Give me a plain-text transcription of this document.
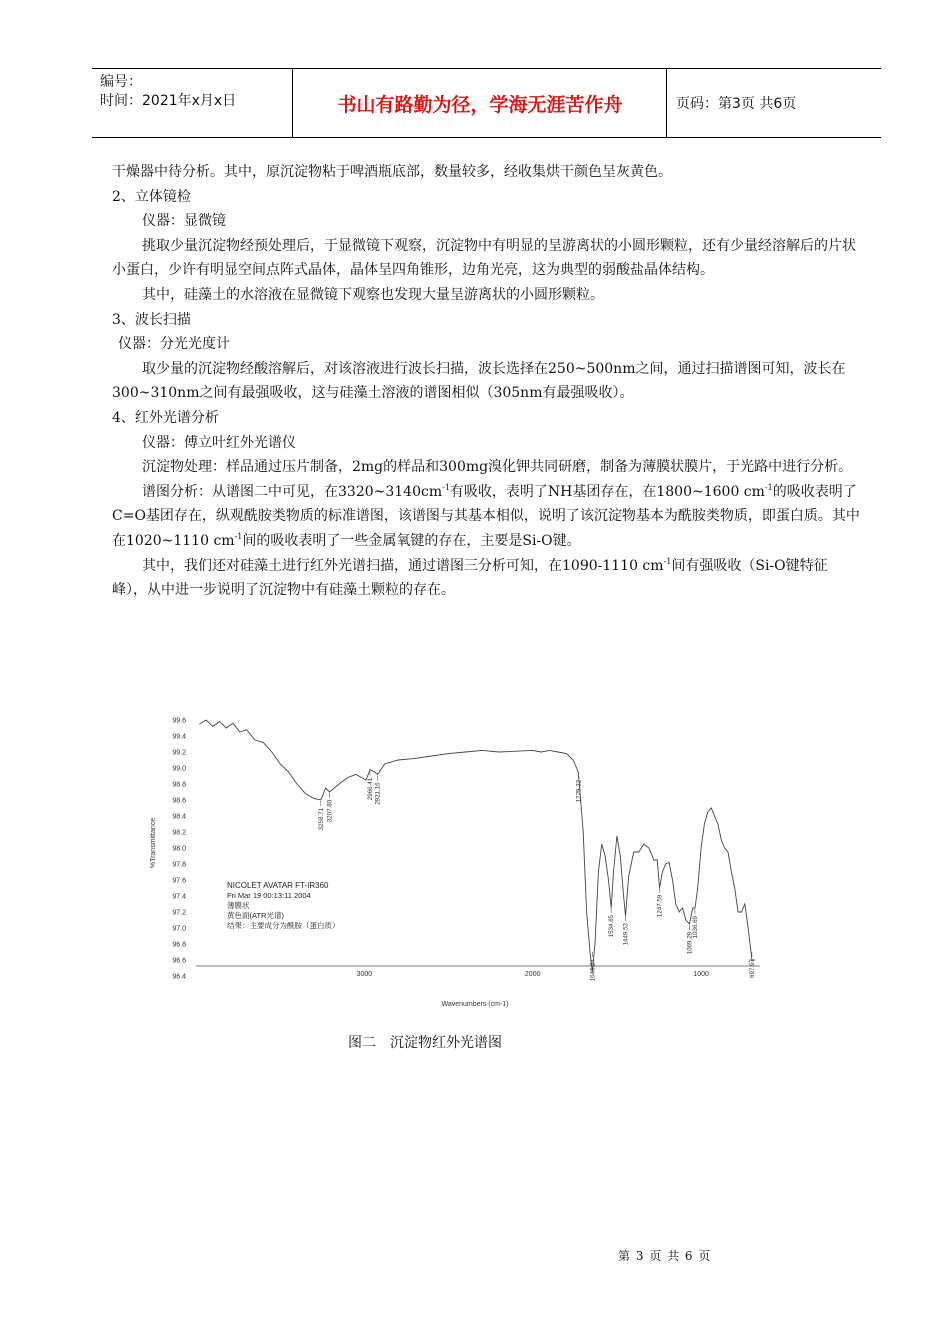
编号：
时间：2021年x月x日	书山有路勤为径，学海无涯苦作舟	页码：第3页 共6页

干燥器中待分析。其中，原沉淀物粘于啤酒瓶底部，数量较多，经收集烘干颜色呈灰黄色。

2、立体镜检

仪器：显微镜

挑取少量沉淀物经预处理后，于显微镜下观察，沉淀物中有明显的呈游离状的小圆形颗粒，还有少量经溶解后的片状小蛋白，少许有明显空间点阵式晶体，晶体呈四角锥形，边角光亮，这为典型的弱酸盐晶体结构。

其中，硅藻土的水溶液在显微镜下观察也发现大量呈游离状的小圆形颗粒。

3、波长扫描

仪器：分光光度计

取少量的沉淀物经酸溶解后，对该溶液进行波长扫描，波长选择在250~500nm之间，通过扫描谱图可知，波长在300~310nm之间有最强吸收，这与硅藻土溶液的谱图相似（305nm有最强吸收）。

4、红外光谱分析

仪器：傅立叶红外光谱仪

沉淀物处理：样品通过压片制备，2mg的样品和300mg溴化钾共同研磨，制备为薄膜状膜片，于光路中进行分析。

谱图分析：从谱图二中可见，在$3320\sim 3140cm^{-1}$有吸收，表明了NH基团存在，在1800~1600 $cm^{-1}$的吸收表明了C=O基团存在，纵观酰胺类物质的标准谱图，该谱图与其基本相似，说明了该沉淀物基本为酰胺类物质，即蛋白质。其中在1020~1110 $cm^{-1}$间的吸收表明了一些金属氧键的存在，主要是Si-O键。

其中，我们还对硅藻土进行红外光谱扫描，通过谱图三分析可知，在1090-1110 $cm^{-1}$间有强吸收（Si-O键特征峰），从中进一步说明了沉淀物中有硅藻土颗粒的存在。

99.6
99.4
99.2
99.0
98.8
98.6
98.4
98.2
98.0
97.8
97.6
97.4
97.2
97.0
96.8
96.6
96.4	3000	2000	1000
3258.71 3207.80
2966.41 2921.16	1729.32
1646.24
1534.65 1449.53
1247.59
1069.29
1036.69
697.97
%Transmittance
Wavenumbers (cm-1)
NICOLET AVATAR FT-IR360
Fri Mar 19 00:13:11 2004
薄膜状
黄色面(ATR光谱)
结果：主要成分为酰胺（蛋白质）
图二　沉淀物红外光谱图
第 3 页 共 6 页
